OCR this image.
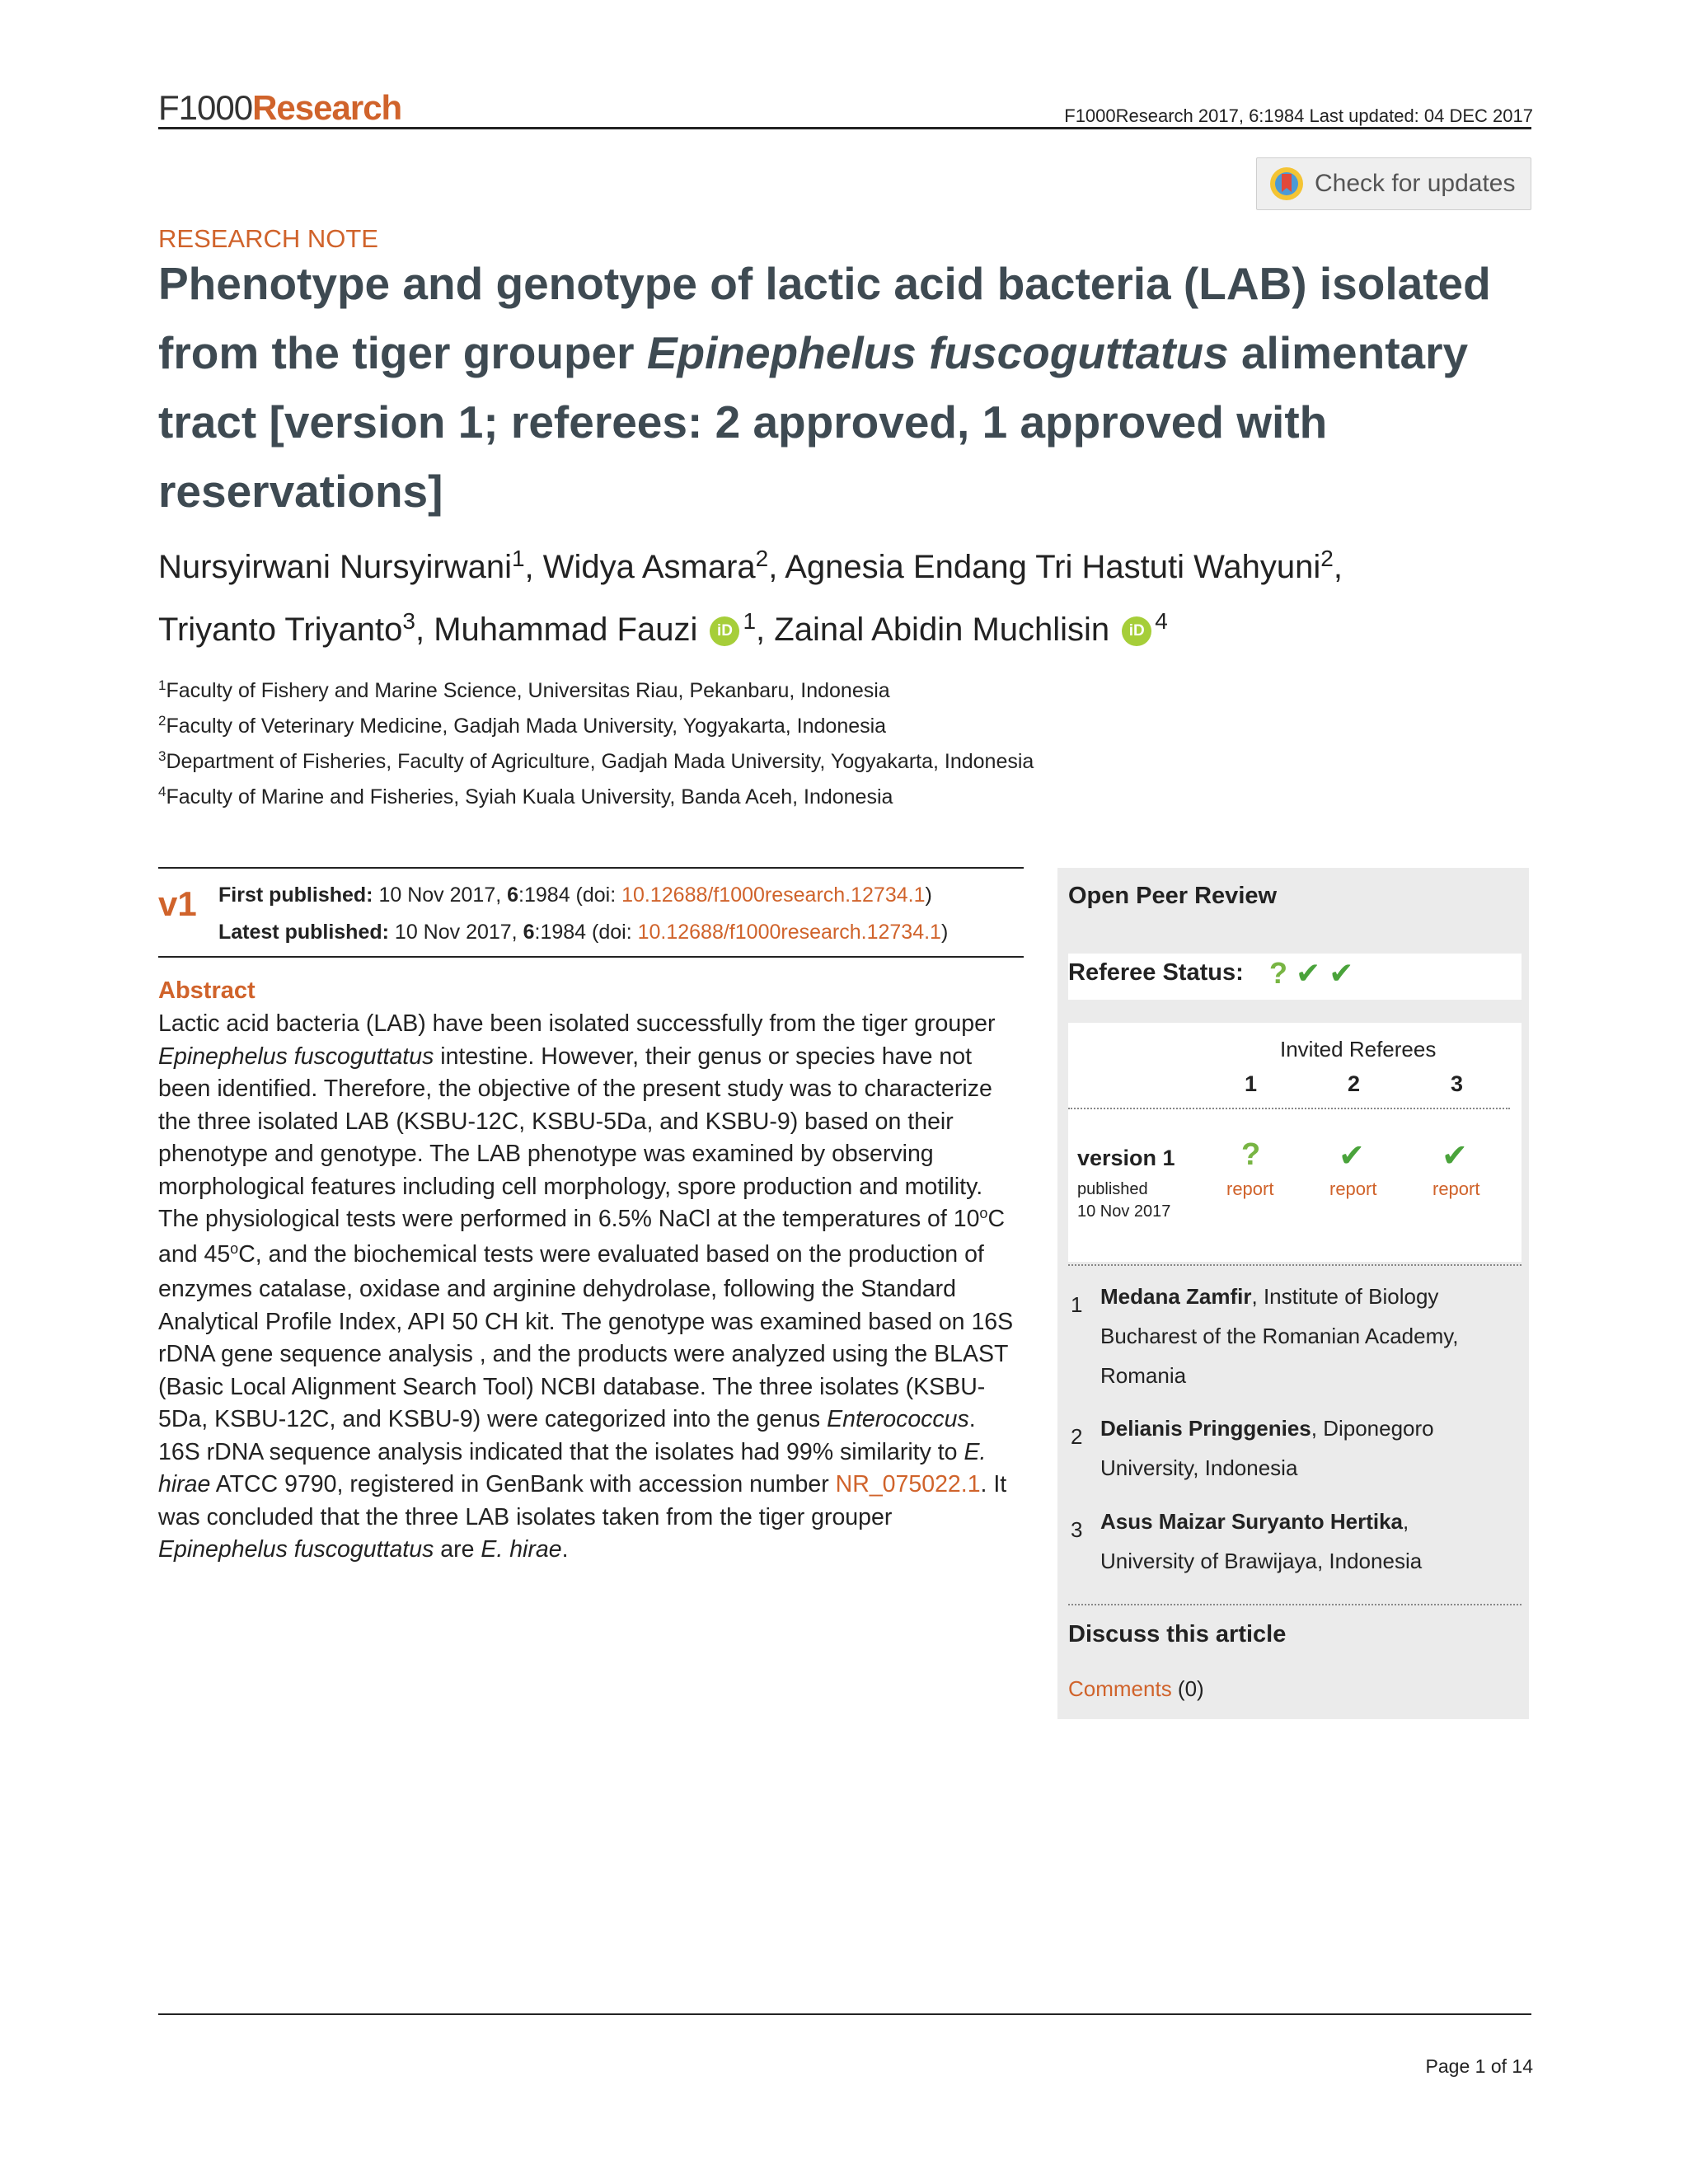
F1000Research	F1000Research 2017, 6:1984 Last updated: 04 DEC 2017
Check for updates
RESEARCH NOTE
Phenotype and genotype of lactic acid bacteria (LAB) isolated from the tiger grouper Epinephelus fuscoguttatus alimentary tract [version 1; referees: 2 approved, 1 approved with reservations]
Nursyirwani Nursyirwani$^1$, Widya Asmara$^2$, Agnesia Endang Tri Hastuti Wahyuni$^2$,
Triyanto Triyanto$^3$, Muhammad Fauzi iD $^1$, Zainal Abidin Muchlisin iD $^4$
$^1$Faculty of Fishery and Marine Science, Universitas Riau, Pekanbaru, Indonesia
$^2$Faculty of Veterinary Medicine, Gadjah Mada University, Yogyakarta, Indonesia
$^3$Department of Fisheries, Faculty of Agriculture, Gadjah Mada University, Yogyakarta, Indonesia
$^4$Faculty of Marine and Fisheries, Syiah Kuala University, Banda Aceh, Indonesia
v1 First published: 10 Nov 2017, 6:1984 (doi: 10.12688/f1000research.12734.1)
Latest published: 10 Nov 2017, 6:1984 (doi: 10.12688/f1000research.12734.1)
Abstract
Lactic acid bacteria (LAB) have been isolated successfully from the tiger grouper Epinephelus fuscoguttatus intestine. However, their genus or species have not been identified. Therefore, the objective of the present study was to characterize the three isolated LAB (KSBU-12C, KSBU-5Da, and KSBU-9) based on their phenotype and genotype. The LAB phenotype was examined by observing morphological features including cell morphology, spore production and motility. The physiological tests were performed in 6.5% NaCl at the temperatures of 10$^o$C and 45$^o$C, and the biochemical tests were evaluated based on the production of enzymes catalase, oxidase and arginine dehydrolase, following the Standard Analytical Profile Index, API 50 CH kit. The genotype was examined based on 16S rDNA gene sequence analysis , and the products were analyzed using the BLAST (Basic Local Alignment Search Tool) NCBI database. The three isolates (KSBU-5Da, KSBU-12C, and KSBU-9) were categorized into the genus Enterococcus. 16S rDNA sequence analysis indicated that the isolates had 99% similarity to E. hirae ATCC 9790, registered in GenBank with accession number NR_075022.1. It was concluded that the three LAB isolates taken from the tiger grouper Epinephelus fuscoguttatus are E. hirae.
Open Peer Review
Referee Status: ? ✔ ✔
Invited Referees
1	2	3
version 1
published
10 Nov 2017
? ✔ ✔
report	report	report
1 Medana Zamfir, Institute of Biology
Bucharest of the Romanian Academy,
Romania
2 Delianis Pringgenies, Diponegoro
University, Indonesia
3 Asus Maizar Suryanto Hertika,
University of Brawijaya, Indonesia
Discuss this article
Comments (0)
Page 1 of 14
